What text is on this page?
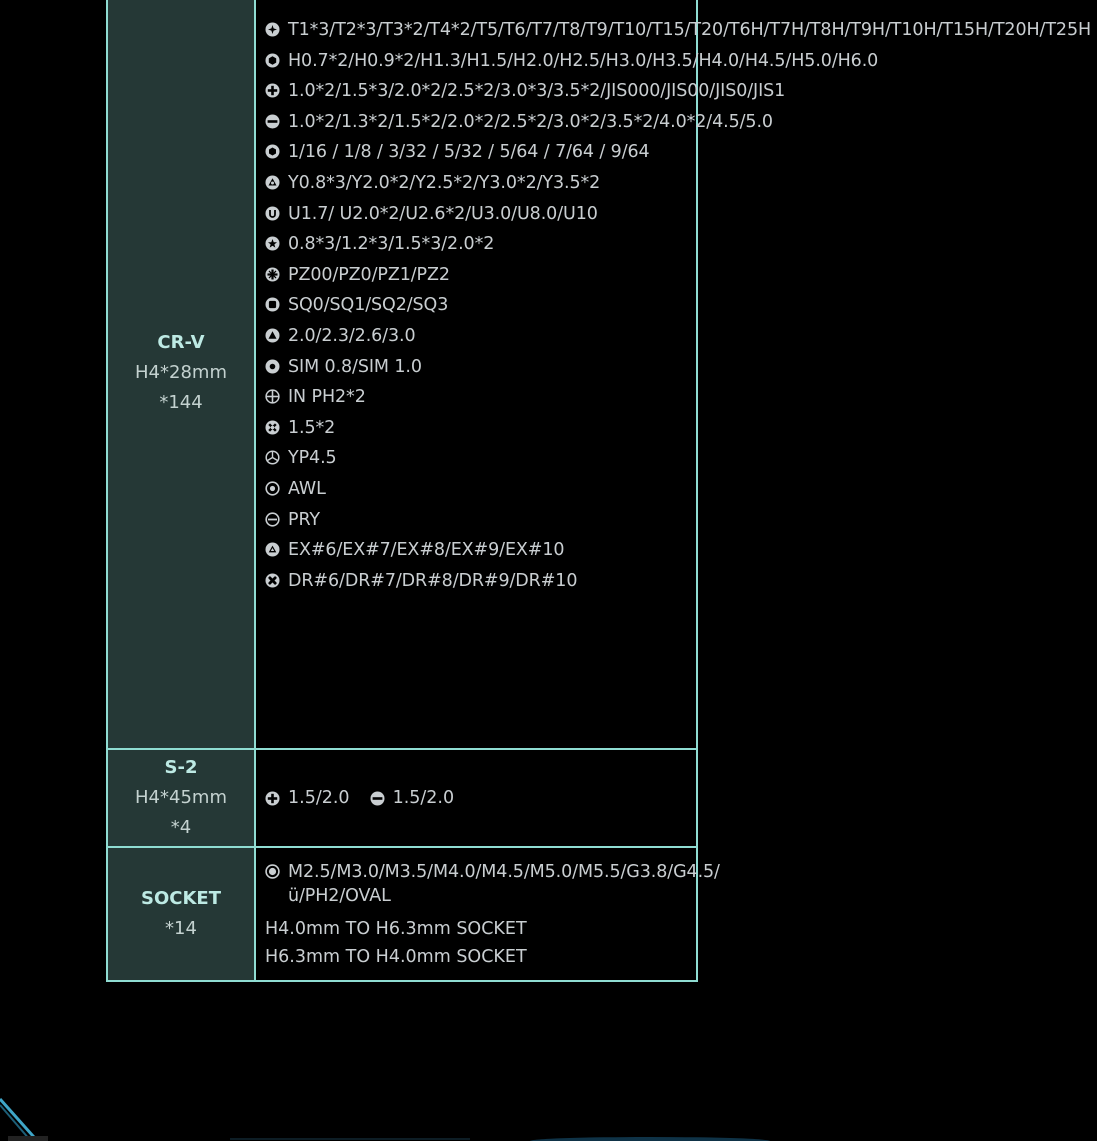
CR-V
H4*28mm
*144
T1*3/T2*3/T3*2/T4*2/T5/T6/T7/T8/T9/T10/T15/T20/T6H/T7H/T8H/T9H/T10H/T15H/T20H/T25H
H0.7*2/H0.9*2/H1.3/H1.5/H2.0/H2.5/H3.0/H3.5/H4.0/H4.5/H5.0/H6.0
1.0*2/1.5*3/2.0*2/2.5*2/3.0*3/3.5*2/JIS000/JIS00/JIS0/JIS1
1.0*2/1.3*2/1.5*2/2.0*2/2.5*2/3.0*2/3.5*2/4.0*2/4.5/5.0
1/16 / 1/8 / 3/32 / 5/32 / 5/64 / 7/64 / 9/64
Y0.8*3/Y2.0*2/Y2.5*2/Y3.0*2/Y3.5*2
U1.7/ U2.0*2/U2.6*2/U3.0/U8.0/U10
0.8*3/1.2*3/1.5*3/2.0*2
PZ00/PZ0/PZ1/PZ2
SQ0/SQ1/SQ2/SQ3
2.0/2.3/2.6/3.0
SIM 0.8/SIM 1.0
IN PH2*2
1.5*2
YP4.5
AWL
PRY
EX#6/EX#7/EX#8/EX#9/EX#10
DR#6/DR#7/DR#8/DR#9/DR#10
S-2
H4*45mm
*4
1.5/2.0 1.5/2.0
SOCKET
*14
M2.5/M3.0/M3.5/M4.0/M4.5/M5.0/M5.5/G3.8/G4.5/ü/PH2/OVAL
H4.0mm TO H6.3mm SOCKET
H6.3mm TO H4.0mm SOCKET
